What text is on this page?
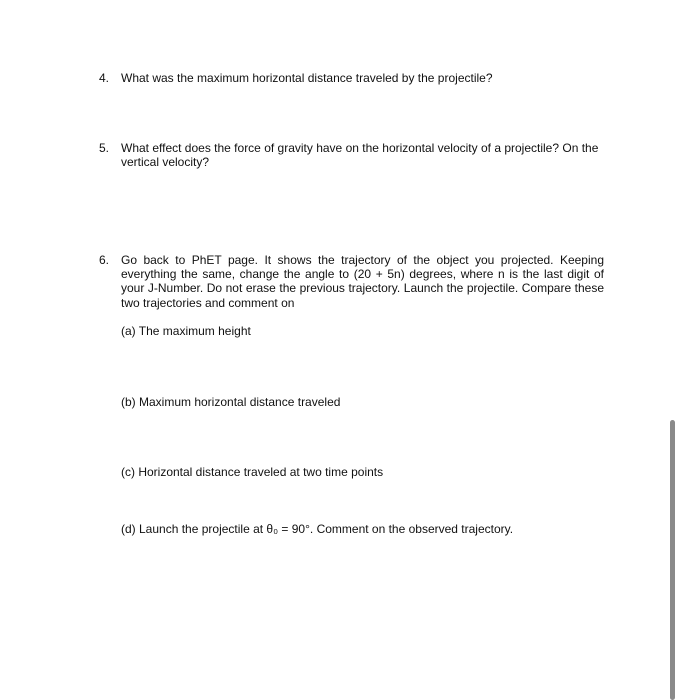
4. What was the maximum horizontal distance traveled by the projectile?
5. What effect does the force of gravity have on the horizontal velocity of a projectile? On the vertical velocity?
6. Go back to PhET page. It shows the trajectory of the object you projected. Keeping everything the same, change the angle to (20 + 5n) degrees, where n is the last digit of your J-Number. Do not erase the previous trajectory. Launch the projectile. Compare these two trajectories and comment on
(a) The maximum height
(b) Maximum horizontal distance traveled
(c) Horizontal distance traveled at two time points
(d) Launch the projectile at θ₀ = 90°. Comment on the observed trajectory.
